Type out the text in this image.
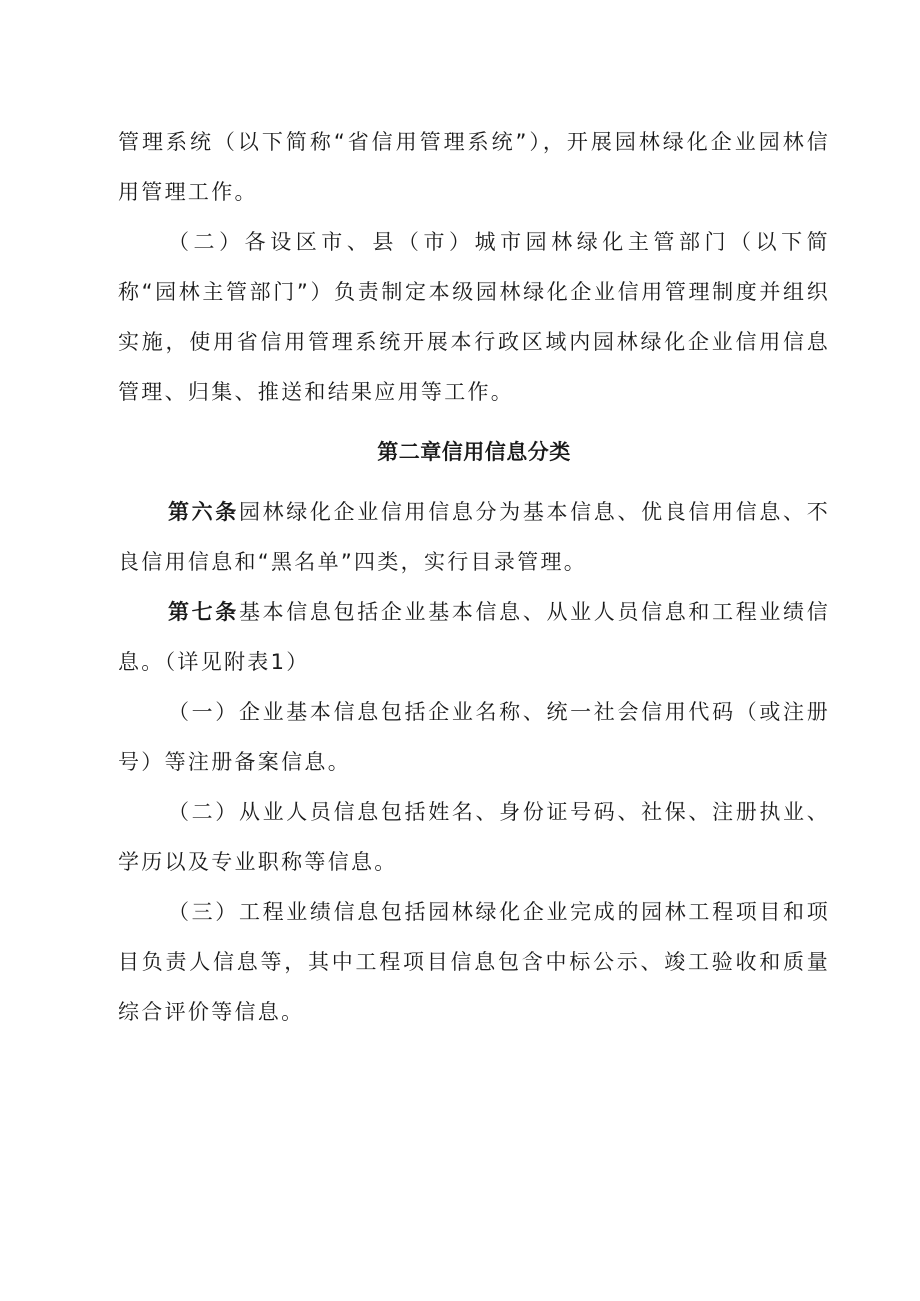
管理系统（以下简称“省信用管理系统”），开展园林绿化企业园林信用管理工作。

（二）各设区市、县（市）城市园林绿化主管部门（以下简称“园林主管部门”）负责制定本级园林绿化企业信用管理制度并组织实施，使用省信用管理系统开展本行政区域内园林绿化企业信用信息管理、归集、推送和结果应用等工作。

第二章信用信息分类

第六条园林绿化企业信用信息分为基本信息、优良信用信息、不良信用信息和“黑名单”四类，实行目录管理。

第七条基本信息包括企业基本信息、从业人员信息和工程业绩信息。（详见附表1）

（一）企业基本信息包括企业名称、统一社会信用代码（或注册号）等注册备案信息。

（二）从业人员信息包括姓名、身份证号码、社保、注册执业、学历以及专业职称等信息。

（三）工程业绩信息包括园林绿化企业完成的园林工程项目和项目负责人信息等，其中工程项目信息包含中标公示、竣工验收和质量综合评价等信息。
